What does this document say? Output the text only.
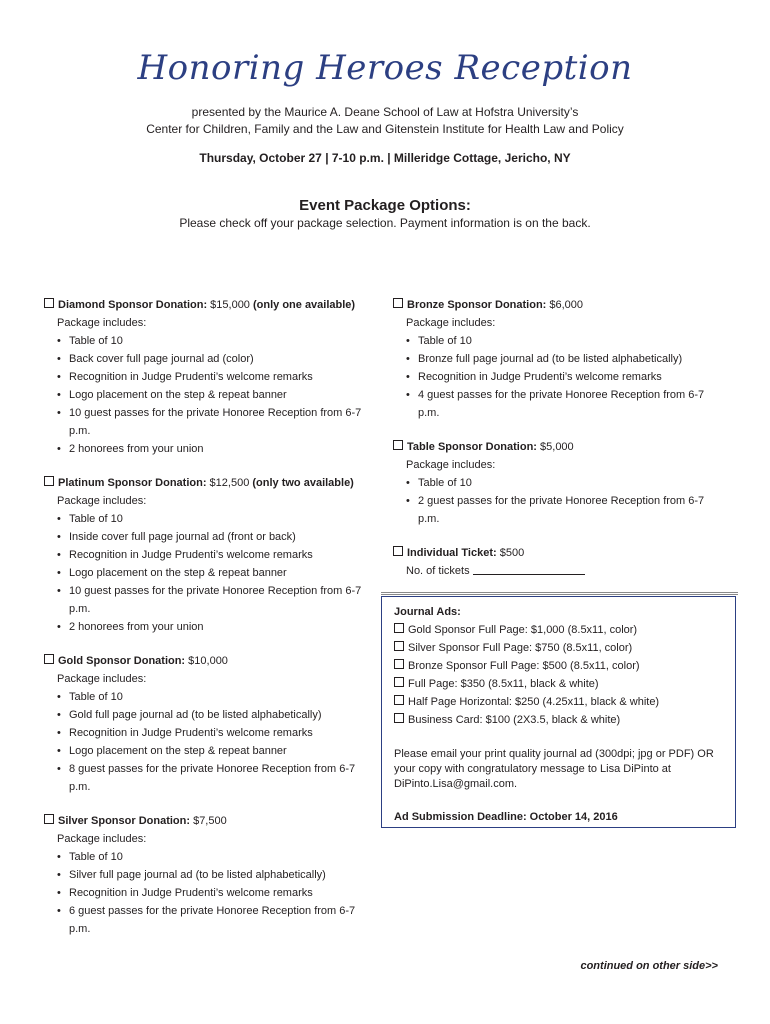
Honoring Heroes Reception
presented by the Maurice A. Deane School of Law at Hofstra University’s
Center for Children, Family and the Law and Gitenstein Institute for Health Law and Policy
Thursday, October 27 | 7-10 p.m. | Milleridge Cottage, Jericho, NY
Event Package Options:
Please check off your package selection. Payment information is on the back.
Diamond Sponsor Donation: $15,000 (only one available)
Package includes:
• Table of 10
• Back cover full page journal ad (color)
• Recognition in Judge Prudenti’s welcome remarks
• Logo placement on the step & repeat banner
• 10 guest passes for the private Honoree Reception from 6-7 p.m.
• 2 honorees from your union
Platinum Sponsor Donation: $12,500 (only two available)
Package includes:
• Table of 10
• Inside cover full page journal ad (front or back)
• Recognition in Judge Prudenti’s welcome remarks
• Logo placement on the step & repeat banner
• 10 guest passes for the private Honoree Reception from 6-7 p.m.
• 2 honorees from your union
Gold Sponsor Donation: $10,000
Package includes:
• Table of 10
• Gold full page journal ad (to be listed alphabetically)
• Recognition in Judge Prudenti’s welcome remarks
• Logo placement on the step & repeat banner
• 8 guest passes for the private Honoree Reception from 6-7 p.m.
Silver Sponsor Donation: $7,500
Package includes:
• Table of 10
• Silver full page journal ad (to be listed alphabetically)
• Recognition in Judge Prudenti’s welcome remarks
• 6 guest passes for the private Honoree Reception from 6-7 p.m.
Bronze Sponsor Donation: $6,000
Package includes:
• Table of 10
• Bronze full page journal ad (to be listed alphabetically)
• Recognition in Judge Prudenti’s welcome remarks
• 4 guest passes for the private Honoree Reception from 6-7 p.m.
Table Sponsor Donation: $5,000
Package includes:
• Table of 10
• 2 guest passes for the private Honoree Reception from 6-7 p.m.
Individual Ticket: $500
No. of tickets
Journal Ads:
Gold Sponsor Full Page: $1,000 (8.5x11, color)
Silver Sponsor Full Page: $750 (8.5x11, color)
Bronze Sponsor Full Page: $500 (8.5x11, color)
Full Page: $350 (8.5x11, black & white)
Half Page Horizontal: $250 (4.25x11, black & white)
Business Card: $100 (2X3.5, black & white)
Please email your print quality journal ad (300dpi; jpg or PDF) OR your copy with congratulatory message to Lisa DiPinto at DiPinto.Lisa@gmail.com.
Ad Submission Deadline: October 14, 2016
continued on other side>>
